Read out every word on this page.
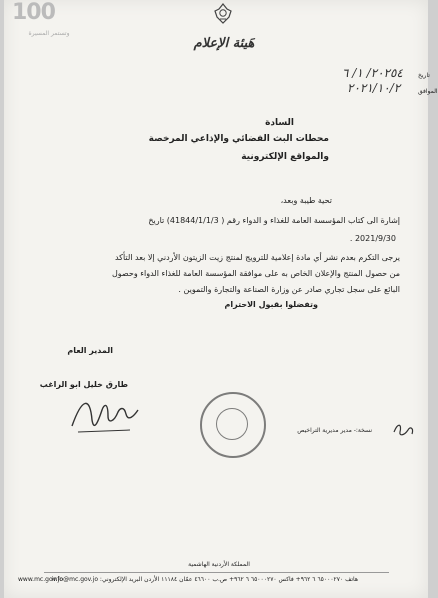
100
وتستمر المسيرة
هَيئة الإعلام
٢٠٢٥٤/ ١/ ٦	تاريخ
٢٠٢١/١٠/٢	الموافق
السادة
محطات البث الفضائي والإذاعي المرخصة
والمواقع الإلكترونية
تحية طيبة وبعد،
إشارة الى كتاب المؤسسة العامة للغذاء و الدواء رقم ( 41844/1/1/3) تاريخ
2021/9/30 .
يرجى التكرم بعدم نشر أي مادة إعلامية للترويج لمنتج زيت الزيتون الأردني إلا بعد التأكد
من حصول المنتج والإعلان الخاص به على موافقة المؤسسة العامة للغذاء الدواء وحصول
البائع على سجل تجاري صادر عن وزارة الصناعة والتجارة والتموين .
وتفضلوا بقبول الاحترام
المدير العام
طارق خليل ابو الراغب
نسخة:- مدير مديرية التراخيص
المملكة الأردنية الهاشمية
هاتف ٦٥٠٠٠٢٧٠ ٦ ٩٦٢+ فاكس ٦٥٠٠٠٢٧٠ ٦ ٩٦٢+ ص.ب ٤٦٦٠٠ عمّان ١١١٨٤ الأردن البريد الإلكتروني: info@mc.gov.jo
www.mc.gov.jo
